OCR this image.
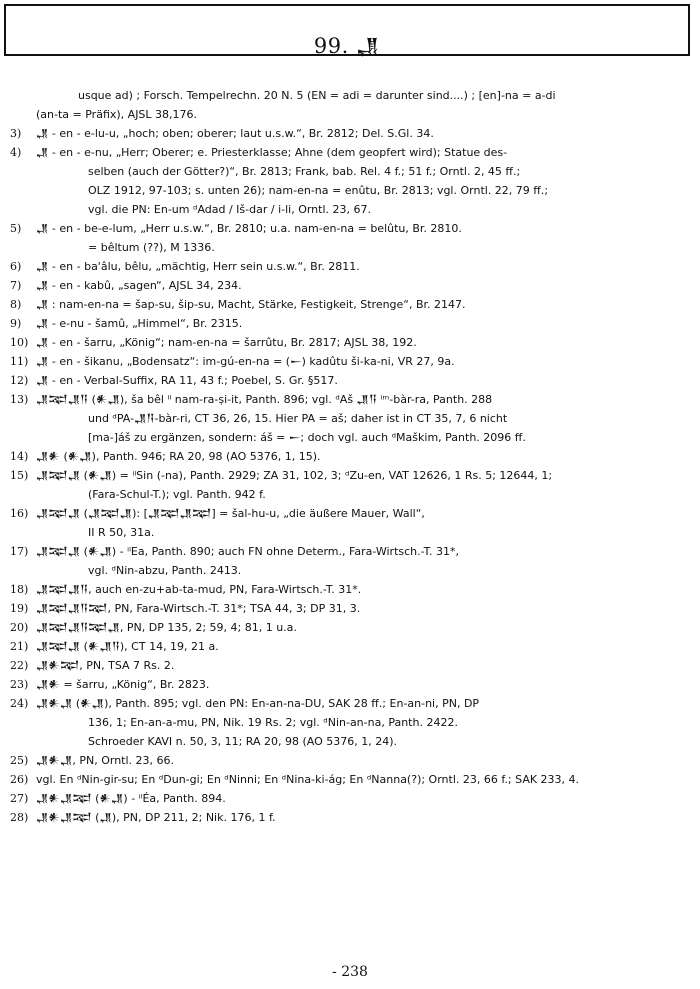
99. 𒂗
usque ad) ; Forsch. Tempelrechn. 20 N. 5 (EN = adi = darunter sind....) ; [en]-na = a-di
(an-ta = Präfix), AJSL 38,176.
3)	𒂗 - en - e-lu-u, „hoch; oben; oberer; laut u.s.w.“, Br. 2812; Del. S.Gl. 34.
4)	𒂗 - en - e-nu, „Herr; Oberer; e. Priesterklasse; Ahne (dem geopfert wird); Statue des-
selben (auch der Götter?)“, Br. 2813; Frank, bab. Rel. 4 f.; 51 f.; Orntl. 2, 45 ff.;
OLZ 1912, 97-103; s. unten 26); nam-en-na = enûtu, Br. 2813; vgl. Orntl. 22, 79 ff.;
vgl. die PN: En-um ᵈAdad / Iš-dar / i-li, Orntl. 23, 67.
5)	𒂗 - en - be-e-lum, „Herr u.s.w.“, Br. 2810; u.a. nam-en-na = belûtu, Br. 2810.
= bêltum (??), M 1336.
6)	𒂗 - en - ba'âlu, bêlu, „mächtig, Herr sein u.s.w.“, Br. 2811.
7)	𒂗 - en - kabû, „sagen“, AJSL 34, 234.
8)	𒂗 : nam-en-na = šap-su, šip-su, Macht, Stärke, Festigkeit, Strenge“, Br. 2147.
9)	𒂗 - e-nu - šamû, „Himmel“, Br. 2315.
10) 𒂗 - en - šarru, „König“; nam-en-na = šarrûtu, Br. 2817; AJSL 38, 192.
11) 𒂗 - en - šikanu, „Bodensatz“: im-gú-en-na = (𒀸) kadûtu ši-ka-ni, VR 27, 9a.
12) 𒂗 - en - Verbal-Suffix, RA 11, 43 f.; Poebel, S. Gr. §517.
13) 𒂗𒉈𒂗𒀀 (𒀭𒂗), ša bêl ⁱˡ nam-ra-ṣi-it, Panth. 896; vgl. ᵈAš 𒂗𒀀 ⁱᵐ-bàr-ra, Panth. 288
und ᵈPA-𒂗𒀀-bàr-ri, CT 36, 26, 15. Hier PA = aš; daher ist in CT 35, 7, 6 nicht
[ma-]áš zu ergänzen, sondern: áš = 𒀸; doch vgl. auch ᵈMaškim, Panth. 2096 ff.
14) 𒂗𒀭 (𒀭𒂗), Panth. 946; RA 20, 98 (AO 5376, 1, 15).
15) 𒂗𒉈𒂗 (𒀭𒂗) = ⁱˡSin (-na), Panth. 2929; ZA 31, 102, 3; ᵈZu-en, VAT 12626, 1 Rs. 5; 12644, 1;
(Fara-Schul-T.); vgl. Panth. 942 f.
16) 𒂗𒉈𒂗 (𒂗𒉈𒂗): [𒂗𒉈𒂗𒉈] = šal-hu-u, „die äußere Mauer, Wall“,
II R 50, 31a.
17) 𒂗𒉈𒂗 (𒀭𒂗) - ⁱˡEa, Panth. 890; auch FN ohne Determ., Fara-Wirtsch.-T. 31*,
vgl. ᵈNin-abzu, Panth. 2413.
18) 𒂗𒉈𒂗𒀀, auch en-zu+ab-ta-mud, PN, Fara-Wirtsch.-T. 31*.
19) 𒂗𒉈𒂗𒀀𒉈, PN, Fara-Wirtsch.-T. 31*; TSA 44, 3; DP 31, 3.
20) 𒂗𒉈𒂗𒀀𒉈𒂗, PN, DP 135, 2; 59, 4; 81, 1 u.a.
21) 𒂗𒉈𒂗 (𒀭𒂗𒀀), CT 14, 19, 21 a.
22) 𒂗𒀭𒉈, PN, TSA 7 Rs. 2.
23) 𒂗𒀭 = šarru, „König“, Br. 2823.
24) 𒂗𒀭𒂗 (𒀭𒂗), Panth. 895; vgl. den PN: En-an-na-DU, SAK 28 ff.; En-an-ni, PN, DP
136, 1; En-an-a-mu, PN, Nik. 19 Rs. 2; vgl. ᵈNin-an-na, Panth. 2422.
Schroeder KAVI n. 50, 3, 11; RA 20, 98 (AO 5376, 1, 24).
25) 𒂗𒀭𒂗, PN, Orntl. 23, 66.
26) vgl. En ᵈNin-gir-su; En ᵈDun-gi; En ᵈNinni; En ᵈNina-ki-ág; En ᵈNanna(?); Orntl. 23, 66 f.; SAK 233, 4.
27) 𒂗𒀭𒂗𒉈 (𒀭𒂗) - ⁱˡÉa, Panth. 894.
28) 𒂗𒀭𒂗𒉈 (𒂗), PN, DP 211, 2; Nik. 176, 1 f.
- 238
